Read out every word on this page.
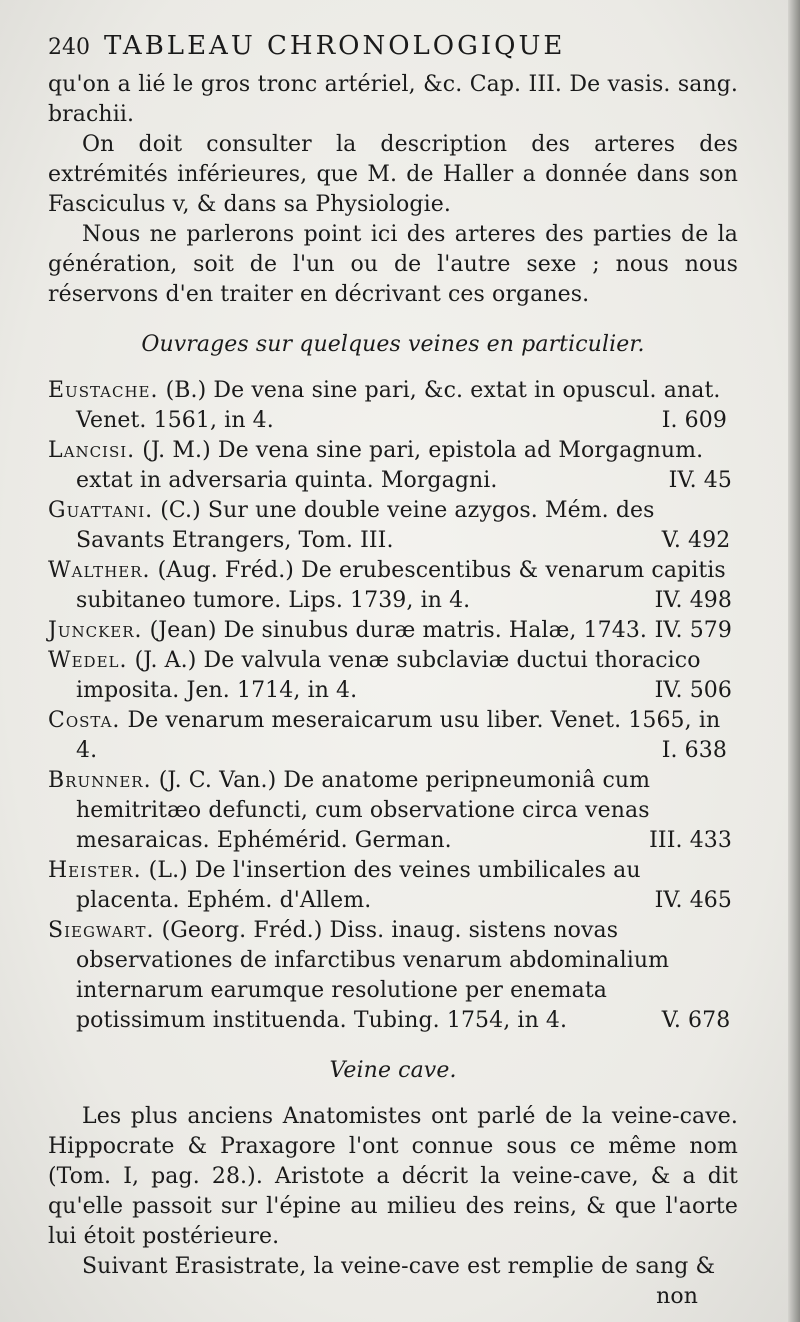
240 TABLEAU CHRONOLOGIQUE

qu'on a lié le gros tronc artériel, &c. Cap. III. De vasis. sang. brachii.

On doit consulter la description des arteres des extrémités inférieures, que M. de Haller a donnée dans son Fasciculus v, & dans sa Physiologie.

Nous ne parlerons point ici des arteres des parties de la génération, soit de l'un ou de l'autre sexe ; nous nous réservons d'en traiter en décrivant ces organes.

Ouvrages sur quelques veines en particulier.
Eustache. (B.) De vena sine pari, &c. extat in opuscul. anat. Venet. 1561, in 4.	I. 609
Lancisi. (J. M.) De vena sine pari, epistola ad Morgagnum. extat in adversaria quinta. Morgagni.	IV. 45
Guattani. (C.) Sur une double veine azygos. Mém. des Savants Etrangers, Tom. III.	V. 492
Walther. (Aug. Fréd.) De erubescentibus & venarum capitis subitaneo tumore. Lips. 1739, in 4.	IV. 498
Juncker. (Jean) De sinubus duræ matris. Halæ, 1743. IV. 579
Wedel. (J. A.) De valvula venæ subclaviæ ductui thoracico imposita. Jen. 1714, in 4.	IV. 506
Costa. De venarum meseraicarum usu liber. Venet. 1565, in 4.	I. 638
Brunner. (J. C. Van.) De anatome peripneumoniâ cum hemitritæo defuncti, cum observatione circa venas mesaraicas. Ephémérid. German.	III. 433
Heister. (L.) De l'insertion des veines umbilicales au placenta. Ephém. d'Allem.	IV. 465
Siegwart. (Georg. Fréd.) Diss. inaug. sistens novas observationes de infarctibus venarum abdominalium internarum earumque resolutione per enemata potissimum instituenda. Tubing. 1754, in 4.	V. 678
Veine cave.

Les plus anciens Anatomistes ont parlé de la veine-cave. Hippocrate & Praxagore l'ont connue sous ce même nom (Tom. I, pag. 28.). Aristote a décrit la veine-cave, & a dit qu'elle passoit sur l'épine au milieu des reins, & que l'aorte lui étoit postérieure.

Suivant Erasistrate, la veine-cave est remplie de sang &

non
